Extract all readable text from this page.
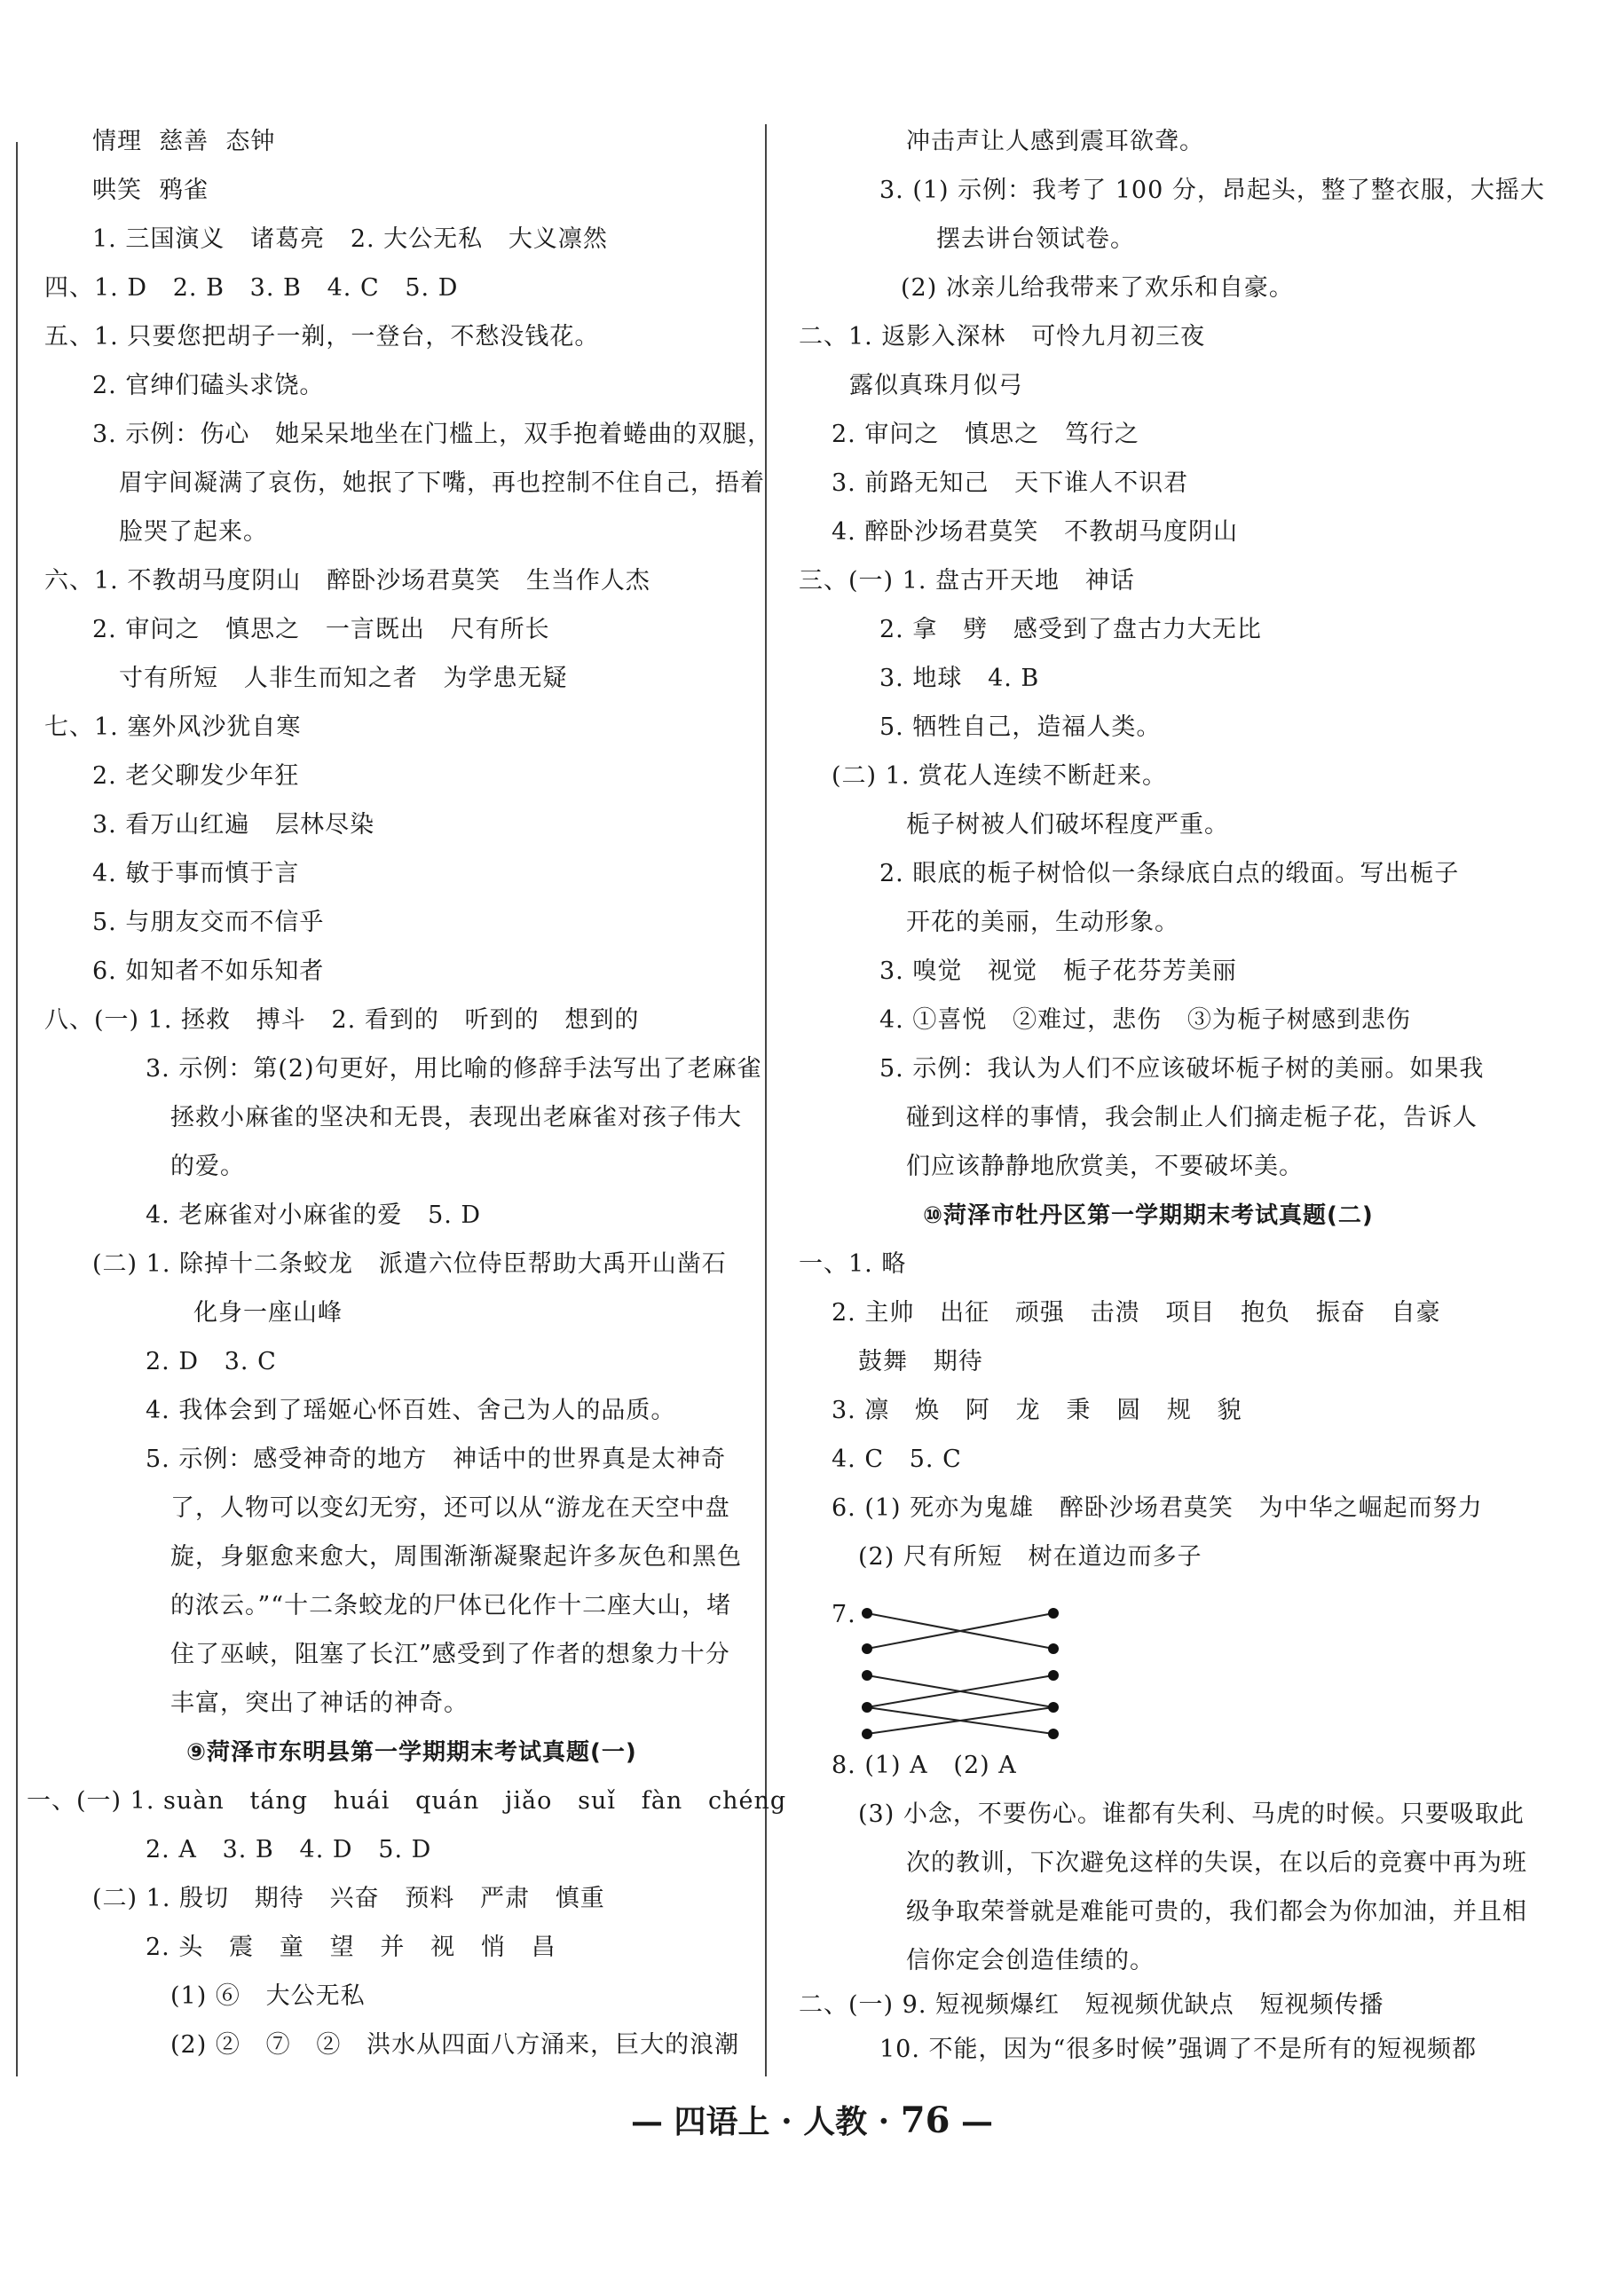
情理  慈善  态钟
哄笑  鸦雀
1. 三国演义   诸葛亮   2. 大公无私   大义凛然
四、1. D   2. B   3. B   4. C   5. D
五、1. 只要您把胡子一剃，一登台，不愁没钱花。
2. 官绅们磕头求饶。
3. 示例：伤心   她呆呆地坐在门槛上，双手抱着蜷曲的双腿，
眉宇间凝满了哀伤，她抿了下嘴，再也控制不住自己，捂着
脸哭了起来。
六、1. 不教胡马度阴山   醉卧沙场君莫笑   生当作人杰
2. 审问之   慎思之   一言既出   尺有所长
寸有所短   人非生而知之者   为学患无疑
七、1. 塞外风沙犹自寒
2. 老父聊发少年狂
3. 看万山红遍   层林尽染
4. 敏于事而慎于言
5. 与朋友交而不信乎
6. 如知者不如乐知者
八、(一) 1. 拯救   搏斗   2. 看到的   听到的   想到的
3. 示例：第(2)句更好，用比喻的修辞手法写出了老麻雀
拯救小麻雀的坚决和无畏，表现出老麻雀对孩子伟大
的爱。
4. 老麻雀对小麻雀的爱   5. D
(二) 1. 除掉十二条蛟龙   派遣六位侍臣帮助大禹开山凿石
化身一座山峰
2. D   3. C
4. 我体会到了瑶姬心怀百姓、舍己为人的品质。
5. 示例：感受神奇的地方   神话中的世界真是太神奇
了，人物可以变幻无穷，还可以从“游龙在天空中盘
旋，身躯愈来愈大，周围渐渐凝聚起许多灰色和黑色
的浓云。”“十二条蛟龙的尸体已化作十二座大山，堵
住了巫峡，阻塞了长江”感受到了作者的想象力十分
丰富，突出了神话的神奇。
⑨菏泽市东明县第一学期期末考试真题(一)
一、(一) 1. suàn   táng   huái   quán   jiǎo   suǐ   fàn   chéng
2. A   3. B   4. D   5. D
(二) 1. 殷切   期待   兴奋   预料   严肃   慎重
2. 头   震   童   望   并   视   悄   昌
(1) ⑥   大公无私
(2) ②   ⑦   ②   洪水从四面八方涌来，巨大的浪潮
冲击声让人感到震耳欲聋。
3. (1) 示例：我考了 100 分，昂起头，整了整衣服，大摇大
摆去讲台领试卷。
(2) 冰亲儿给我带来了欢乐和自豪。
二、1. 返影入深林   可怜九月初三夜
露似真珠月似弓
2. 审问之   慎思之   笃行之
3. 前路无知己   天下谁人不识君
4. 醉卧沙场君莫笑   不教胡马度阴山
三、(一) 1. 盘古开天地   神话
2. 拿   劈   感受到了盘古力大无比
3. 地球   4. B
5. 牺牲自己，造福人类。
(二) 1. 赏花人连续不断赶来。
栀子树被人们破坏程度严重。
2. 眼底的栀子树恰似一条绿底白点的缎面。写出栀子
开花的美丽，生动形象。
3. 嗅觉   视觉   栀子花芬芳美丽
4. ①喜悦   ②难过，悲伤   ③为栀子树感到悲伤
5. 示例：我认为人们不应该破坏栀子树的美丽。如果我
碰到这样的事情，我会制止人们摘走栀子花，告诉人
们应该静静地欣赏美，不要破坏美。
⑩菏泽市牡丹区第一学期期末考试真题(二)
一、1. 略
2. 主帅   出征   顽强   击溃   项目   抱负   振奋   自豪
鼓舞   期待
3. 凛   焕   阿   龙   秉   圆   规   貌
4. C   5. C
6. (1) 死亦为鬼雄   醉卧沙场君莫笑   为中华之崛起而努力
(2) 尺有所短   树在道边而多子
7.
8. (1) A   (2) A
(3) 小念，不要伤心。谁都有失利、马虎的时候。只要吸取此
次的教训，下次避免这样的失误，在以后的竞赛中再为班
级争取荣誉就是难能可贵的，我们都会为你加油，并且相
信你定会创造佳绩的。
二、(一) 9. 短视频爆红   短视频优缺点   短视频传播
10. 不能，因为“很多时候”强调了不是所有的短视频都
— 四语上 · 人教 · 76 —
